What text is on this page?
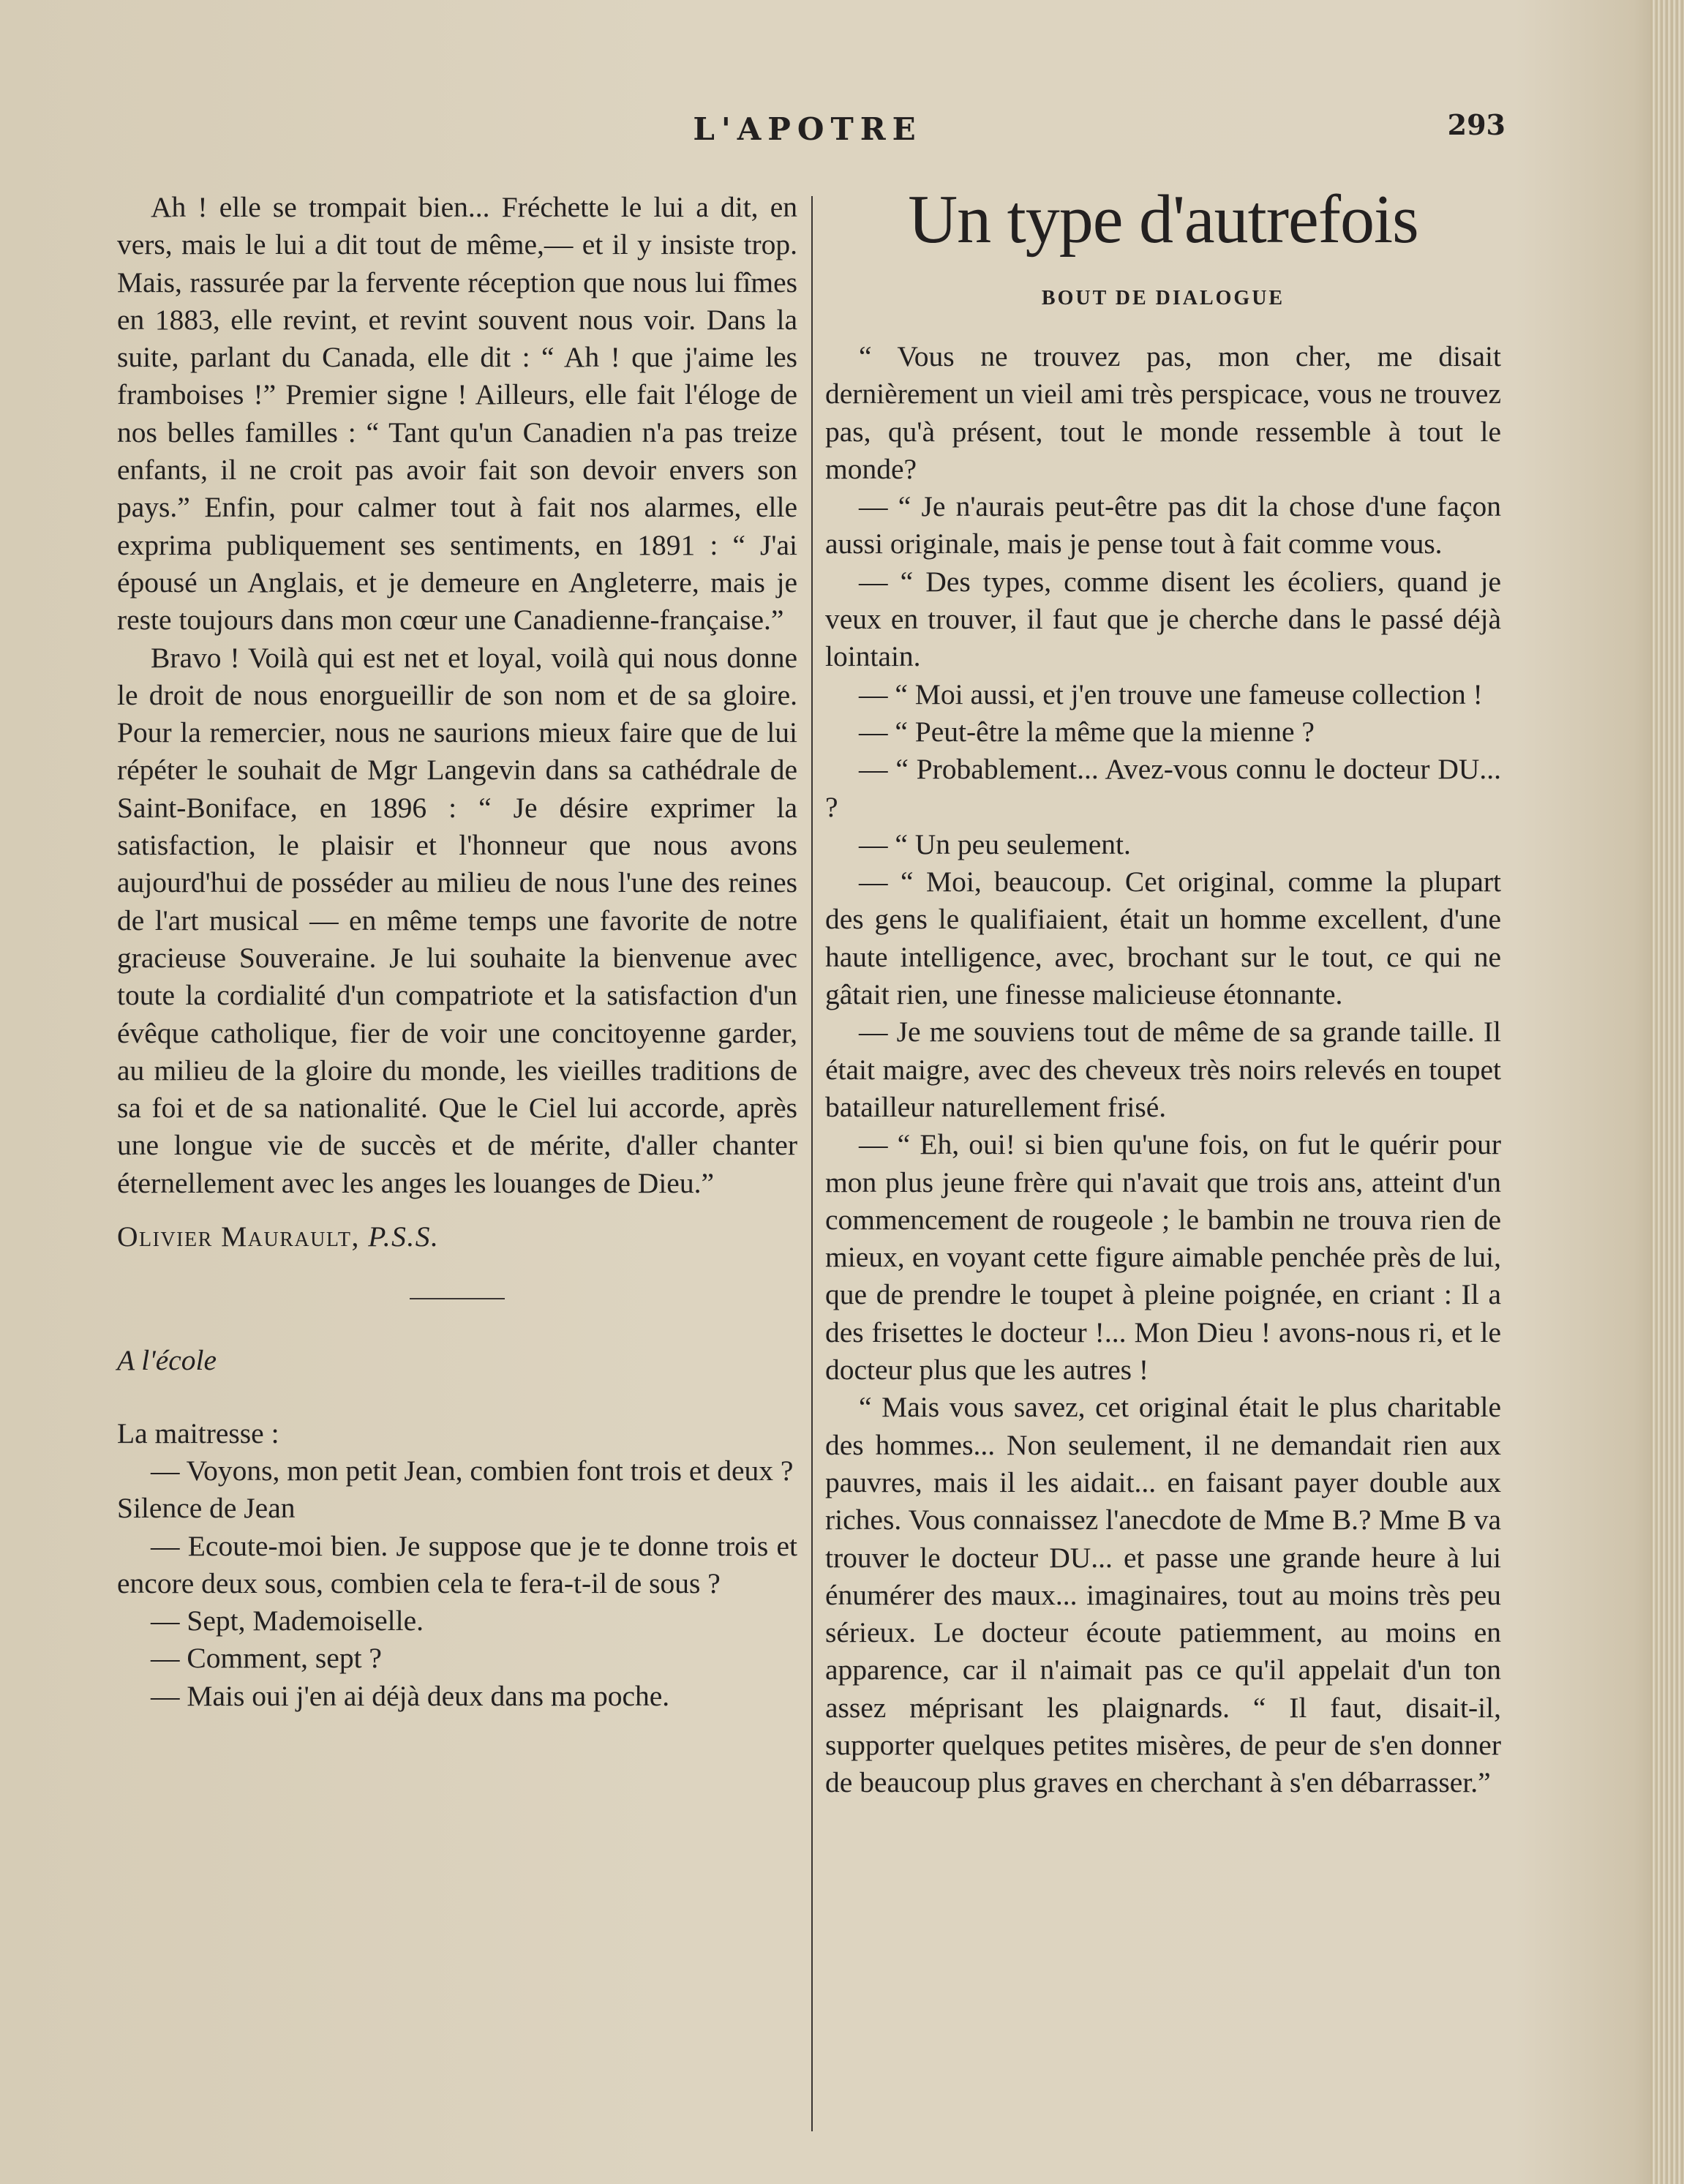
L'APOTRE	293

Ah ! elle se trompait bien... Fréchette le lui a dit, en vers, mais le lui a dit tout de même,— et il y insiste trop. Mais, rassurée par la fervente réception que nous lui fîmes en 1883, elle revint, et revint souvent nous voir. Dans la suite, parlant du Canada, elle dit : “ Ah ! que j'aime les framboises !” Premier signe ! Ailleurs, elle fait l'éloge de nos belles familles : “ Tant qu'un Canadien n'a pas treize enfants, il ne croit pas avoir fait son devoir envers son pays.” Enfin, pour calmer tout à fait nos alarmes, elle exprima publiquement ses sentiments, en 1891 : “ J'ai épousé un Anglais, et je demeure en Angleterre, mais je reste toujours dans mon cœur une Canadienne-française.”

Bravo ! Voilà qui est net et loyal, voilà qui nous donne le droit de nous enorgueillir de son nom et de sa gloire. Pour la remercier, nous ne saurions mieux faire que de lui répéter le souhait de Mgr Langevin dans sa cathédrale de Saint-Boniface, en 1896 : “ Je désire exprimer la satisfaction, le plaisir et l'honneur que nous avons aujourd'hui de posséder au milieu de nous l'une des reines de l'art musical — en même temps une favorite de notre gracieuse Souveraine. Je lui souhaite la bienvenue avec toute la cordialité d'un compatriote et la satisfaction d'un évêque catholique, fier de voir une concitoyenne garder, au milieu de la gloire du monde, les vieilles traditions de sa foi et de sa nationalité. Que le Ciel lui accorde, après une longue vie de succès et de mérite, d'aller chanter éternellement avec les anges les louanges de Dieu.”

Olivier Maurault, P.S.S.

A l'école

La maitresse :

— Voyons, mon petit Jean, combien font trois et deux ?

Silence de Jean

— Ecoute-moi bien. Je suppose que je te donne trois et encore deux sous, combien cela te fera-t-il de sous ?

— Sept, Mademoiselle.

— Comment, sept ?

— Mais oui j'en ai déjà deux dans ma poche.

Un type d'autrefois
BOUT DE DIALOGUE

“ Vous ne trouvez pas, mon cher, me disait dernièrement un vieil ami très perspicace, vous ne trouvez pas, qu'à présent, tout le monde ressemble à tout le monde?

— “ Je n'aurais peut-être pas dit la chose d'une façon aussi originale, mais je pense tout à fait comme vous.

— “ Des types, comme disent les écoliers, quand je veux en trouver, il faut que je cherche dans le passé déjà lointain.

— “ Moi aussi, et j'en trouve une fameuse collection !

— “ Peut-être la même que la mienne ?

— “ Probablement... Avez-vous connu le docteur DU... ?

— “ Un peu seulement.

— “ Moi, beaucoup. Cet original, comme la plupart des gens le qualifiaient, était un homme excellent, d'une haute intelligence, avec, brochant sur le tout, ce qui ne gâtait rien, une finesse malicieuse étonnante.

— Je me souviens tout de même de sa grande taille. Il était maigre, avec des cheveux très noirs relevés en toupet batailleur naturellement frisé.

— “ Eh, oui! si bien qu'une fois, on fut le quérir pour mon plus jeune frère qui n'avait que trois ans, atteint d'un commencement de rougeole ; le bambin ne trouva rien de mieux, en voyant cette figure aimable penchée près de lui, que de prendre le toupet à pleine poignée, en criant : Il a des frisettes le docteur !... Mon Dieu ! avons-nous ri, et le docteur plus que les autres !

“ Mais vous savez, cet original était le plus charitable des hommes... Non seulement, il ne demandait rien aux pauvres, mais il les aidait... en faisant payer double aux riches. Vous connaissez l'anecdote de Mme B.? Mme B va trouver le docteur DU... et passe une grande heure à lui énumérer des maux... imaginaires, tout au moins très peu sérieux. Le docteur écoute patiemment, au moins en apparence, car il n'aimait pas ce qu'il appelait d'un ton assez méprisant les plaignards. “ Il faut, disait-il, supporter quelques petites misères, de peur de s'en donner de beaucoup plus graves en cherchant à s'en débarrasser.”
